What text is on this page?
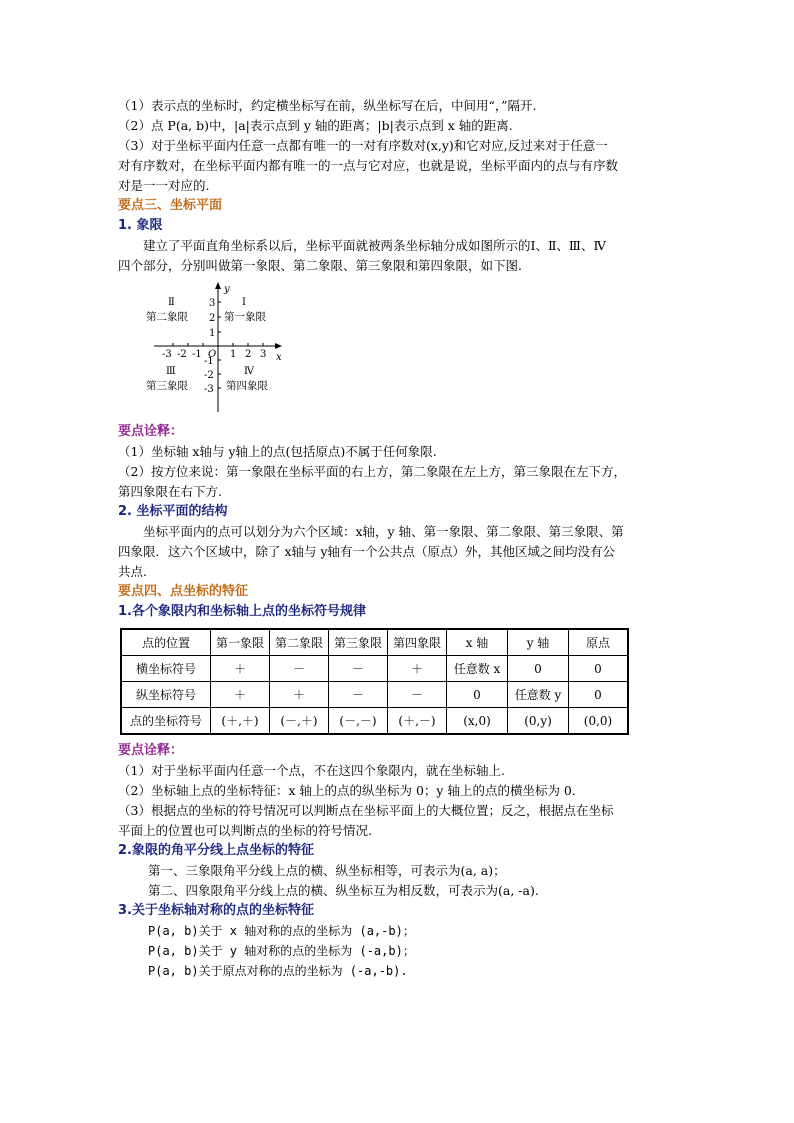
（1）表示点的坐标时，约定横坐标写在前，纵坐标写在后，中间用“，”隔开.

（2）点 P(a, b)中，|a|表示点到 y 轴的距离；|b|表示点到 x 轴的距离.

（3）对于坐标平面内任意一点都有唯一的一对有序数对(x,y)和它对应,反过来对于任意一
对有序数对，在坐标平面内都有唯一的一点与它对应，也就是说，坐标平面内的点与有序数
对是一一对应的.

要点三、坐标平面

1. 象限

建立了平面直角坐标系以后，坐标平面就被两条坐标轴分成如图所示的Ⅰ、Ⅱ、Ⅲ、Ⅳ

四个部分，分别叫做第一象限、第二象限、第三象限和第四象限，如下图.

y
x
O
-3 -2 -1	1 2 3
3
2
1
-1
-2
-3
Ⅰ
第一象限
Ⅱ
第二象限
Ⅲ
第三象限
Ⅳ
第四象限

要点诠释：

（1）坐标轴 x轴与 y轴上的点(包括原点)不属于任何象限.

（2）按方位来说：第一象限在坐标平面的右上方，第二象限在左上方，第三象限在左下方，
第四象限在右下方.

2. 坐标平面的结构

坐标平面内的点可以划分为六个区域：x轴，y 轴、第一象限、第二象限、第三象限、第

四象限．这六个区域中，除了 x轴与 y轴有一个公共点（原点）外，其他区域之间均没有公

共点.

要点四、点坐标的特征

1.各个象限内和坐标轴上点的坐标符号规律

点的位置	第一象限	第二象限	第三象限	第四象限	x 轴	y 轴	原点
横坐标符号	＋	－	－	＋	任意数 x	0	0
纵坐标符号	＋	＋	－	－	0	任意数 y	0
点的坐标符号	(＋,＋)	(－,＋)	(－,－)	(＋,－)	(x,0)	(0,y)	(0,0)

要点诠释：

（1）对于坐标平面内任意一个点，不在这四个象限内，就在坐标轴上.

（2）坐标轴上点的坐标特征：x 轴上的点的纵坐标为 0；y 轴上的点的横坐标为 0.

（3）根据点的坐标的符号情况可以判断点在坐标平面上的大概位置；反之，根据点在坐标
平面上的位置也可以判断点的坐标的符号情况.

2.象限的角平分线上点坐标的特征

第一、三象限角平分线上点的横、纵坐标相等，可表示为(a, a)；

第二、四象限角平分线上点的横、纵坐标互为相反数，可表示为(a, -a).

3.关于坐标轴对称的点的坐标特征

P(a, b)关于 x 轴对称的点的坐标为 (a,-b)；

P(a, b)关于 y 轴对称的点的坐标为 (-a,b)；

P(a, b)关于原点对称的点的坐标为 (-a,-b).
